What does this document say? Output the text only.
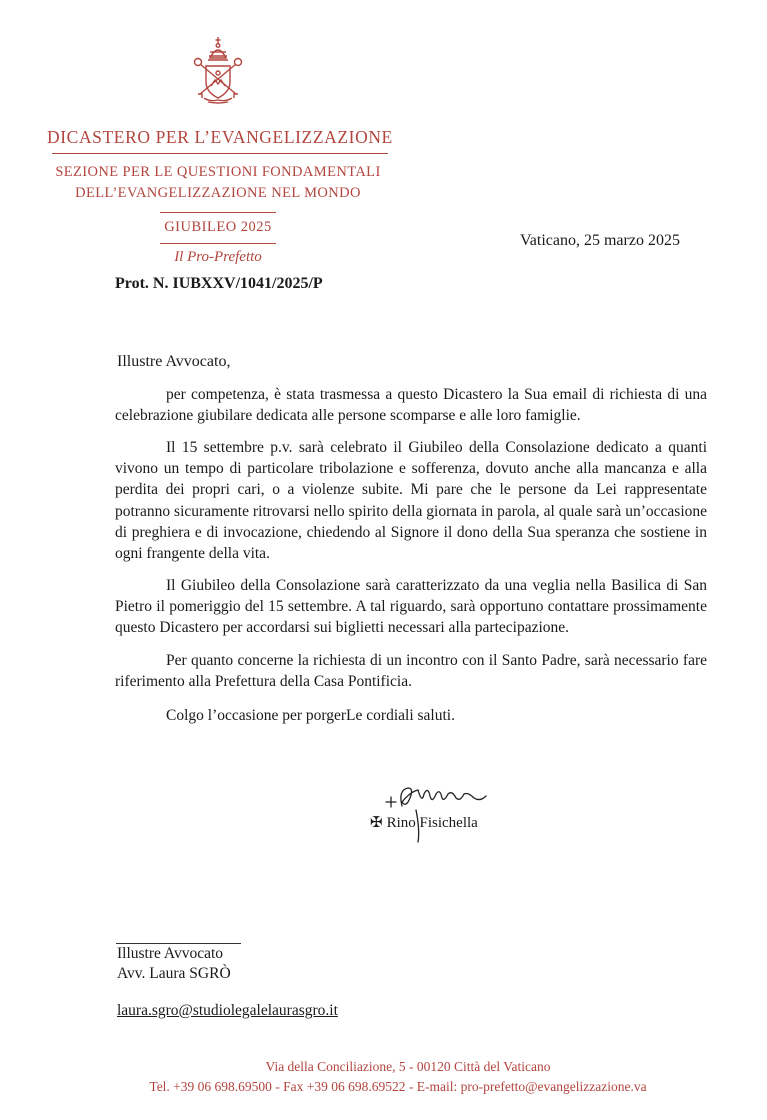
DICASTERO PER L’EVANGELIZZAZIONE
SEZIONE PER LE QUESTIONI FONDAMENTALI
DELL’EVANGELIZZAZIONE NEL MONDO
GIUBILEO 2025
Il Pro-Prefetto
Vaticano, 25 marzo 2025
Prot. N. IUBXXV/1041/2025/P
Illustre Avvocato,
per competenza, è stata trasmessa a questo Dicastero la Sua email di richiesta di una celebrazione giubilare dedicata alle persone scomparse e alle loro famiglie.
Il 15 settembre p.v. sarà celebrato il Giubileo della Consolazione dedicato a quanti vivono un tempo di particolare tribolazione e sofferenza, dovuto anche alla mancanza e alla perdita dei propri cari, o a violenze subite. Mi pare che le persone da Lei rappresentate potranno sicuramente ritrovarsi nello spirito della giornata in parola, al quale sarà un’occasione di preghiera e di invocazione, chiedendo al Signore il dono della Sua speranza che sostiene in ogni frangente della vita.
Il Giubileo della Consolazione sarà caratterizzato da una veglia nella Basilica di San Pietro il pomeriggio del 15 settembre. A tal riguardo, sarà opportuno contattare prossimamente questo Dicastero per accordarsi sui biglietti necessari alla partecipazione.
Per quanto concerne la richiesta di un incontro con il Santo Padre, sarà necessario fare riferimento alla Prefettura della Casa Pontificia.
Colgo l’occasione per porgerLe cordiali saluti.
✠ Rino Fisichella
Illustre Avvocato
Avv. Laura SGRÒ
laura.sgro@studiolegalelaurasgro.it
Via della Conciliazione, 5 - 00120 Città del Vaticano
Tel. +39 06 698.69500 - Fax +39 06 698.69522 - E-mail: pro-prefetto@evangelizzazione.va
